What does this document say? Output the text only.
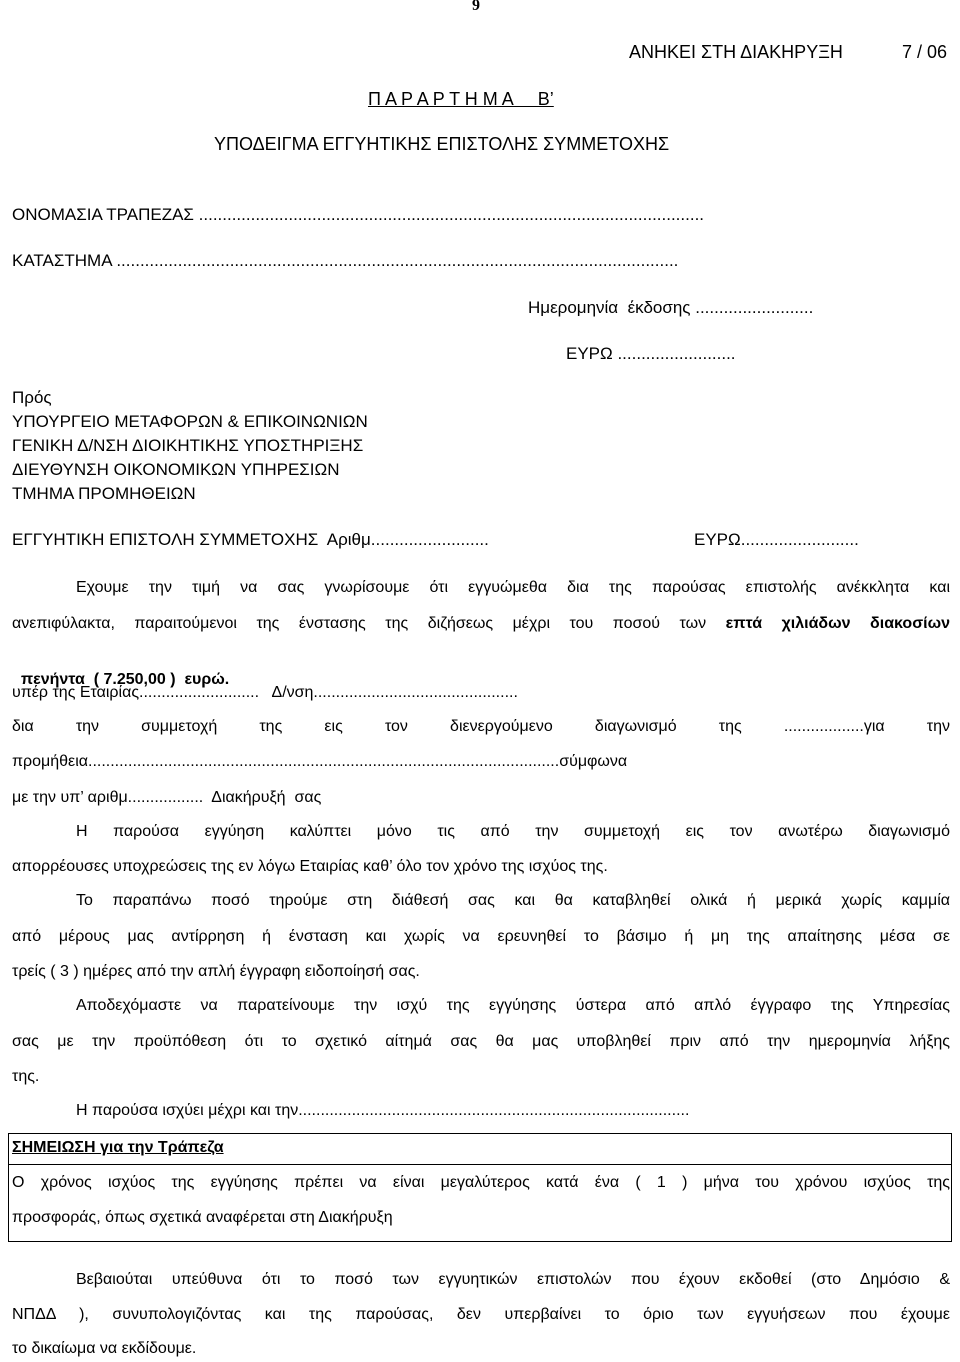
9
ΑΝΗΚΕΙ ΣΤΗ ΔΙΑΚΗΡΥΞΗ	7 / 06
Π Α Ρ Α Ρ Τ Η Μ Α     Β’
ΥΠΟΔΕΙΓΜΑ ΕΓΓΥΗΤΙΚΗΣ ΕΠΙΣΤΟΛΗΣ ΣΥΜΜΕΤΟΧΗΣ
ΟΝΟΜΑΣΙΑ ΤΡΑΠΕΖΑΣ ...........................................................................................................
ΚΑΤΑΣΤΗΜΑ .......................................................................................................................
Ημερομηνία  έκδοσης .........................
ΕΥΡΩ .........................
Πρός
ΥΠΟΥΡΓΕΙΟ ΜΕΤΑΦΟΡΩΝ & ΕΠΙΚΟΙΝΩΝΙΩΝ
ΓΕΝΙΚΗ Δ/ΝΣΗ ΔΙΟΙΚΗΤΙΚΗΣ ΥΠΟΣΤΗΡΙΞΗΣ
ΔΙΕΥΘΥΝΣΗ ΟΙΚΟΝΟΜΙΚΩΝ ΥΠΗΡΕΣΙΩΝ
ΤΜΗΜΑ ΠΡΟΜΗΘΕΙΩΝ
ΕΓΓΥΗΤΙΚΗ ΕΠΙΣΤΟΛΗ ΣΥΜΜΕΤΟΧΗΣ  Αριθμ.........................	ΕΥΡΩ.........................
Εχουμε την τιμή να σας γνωρίσουμε ότι εγγυώμεθα δια της παρούσας επιστολής ανέκκλητα και
ανεπιφύλακτα, παραιτούμενοι της ένστασης της διζήσεως μέχρι του ποσού των επτά χιλιάδων διακοσίων

πενήντα  ( 7.250,00 )  ευρώ.

υπέρ της Εταιρίας...........................   Δ/νση..............................................
δια  την  συμμετοχή  της  εις  τον  διενεργούμενο  διαγωνισμό  της  ..................για  την
προμήθεια..........................................................................................................σύμφωνα
με την υπ’ αριθμ.................  Διακήρυξή  σας
Η παρούσα εγγύηση καλύπτει μόνο τις από την συμμετοχή εις τον ανωτέρω διαγωνισμό
απορρέουσες υποχρεώσεις της εν λόγω Εταιρίας καθ’ όλο τον χρόνο της ισχύος της.
Το παραπάνω ποσό τηρούμε στη διάθεσή σας και θα καταβληθεί ολικά ή μερικά χωρίς καμμία
από μέρους μας αντίρρηση ή ένσταση και χωρίς να ερευνηθεί το βάσιμο ή μη της απαίτησης μέσα σε
τρείς ( 3 ) ημέρες από την απλή έγγραφη ειδοποίησή σας.
Αποδεχόμαστε να παρατείνουμε την ισχύ της εγγύησης ύστερα από απλό έγγραφο της Υπηρεσίας
σας με την προϋπόθεση ότι το σχετικό αίτημά σας θα μας υποβληθεί πριν από την ημερομηνία λήξης
της.
Η παρούσα ισχύει μέχρι και την........................................................................................
ΣΗΜΕΙΩΣΗ για την Τράπεζα
Ο χρόνος ισχύος της εγγύησης πρέπει να είναι μεγαλύτερος κατά ένα ( 1 ) μήνα του χρόνου ισχύος της
προσφοράς, όπως σχετικά αναφέρεται στη Διακήρυξη
Βεβαιούται υπεύθυνα ότι το ποσό των εγγυητικών επιστολών που έχουν εκδοθεί (στο Δημόσιο &
ΝΠΔΔ ), συνυπολογιζόντας και της παρούσας, δεν υπερβαίνει το όριο των εγγυήσεων που έχουμε
το δικαίωμα να εκδίδουμε.
